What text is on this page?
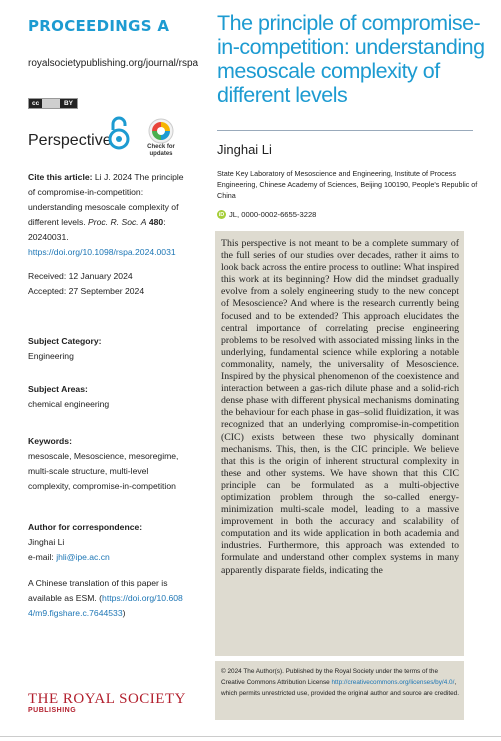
PROCEEDINGS A
royalsocietypublishing.org/journal/rspa
cc	BY
Perspective	Check for updates
Cite this article: Li J. 2024 The principle of compromise-in-competition: understanding mesoscale complexity of different levels. Proc. R. Soc. A 480: 20240031.
https://doi.org/10.1098/rspa.2024.0031
Received: 12 January 2024
Accepted: 27 September 2024
Subject Category:
Engineering
Subject Areas:
chemical engineering
Keywords:
mesoscale, Mesoscience, meso​regime, multi-scale structure, multi-level complexity, compromise-in-competition
Author for correspondence:
Jinghai Li
e-mail: jhli@ipe.ac.cn
A Chinese translation of this paper is available as ESM. (https://doi.org/10.6084/m9.figshare.c.7644533)
THE ROYAL SOCIETY
PUBLISHING
The principle of compromise-in-competition: understanding mesoscale complexity of different levels
Jinghai Li
State Key Laboratory of Mesoscience and Engineering, Institute of Process Engineering, Chinese Academy of Sciences, Beijing 100190, People's Republic of China
iD JL, 0000-0002-6655-3228
This perspective is not meant to be a complete summary of the full series of our studies over decades, rather it aims to look back across the entire process to outline: What inspired this work at its beginning? How did the mindset gradually evolve from a solely engineering study to the new concept of Mesoscience? And where is the research currently being focused and to be extended? This approach elucidates the central importance of correlating precise engineering problems to be resolved with associated missing links in the underlying, fundamental science while exploring a notable commonality, namely, the universality of Mesoscience. Inspired by the physical phenomenon of the coexistence and interaction between a gas-rich dilute phase and a solid-rich dense phase with different physical mechanisms dominating the behaviour for each phase in gas–solid fluidization, it was recognized that an underlying compromise-in-competition (CIC) exists between these two physically dominant mechanisms. This, then, is the CIC principle. We believe that this is the origin of inherent structural complexity in these and other systems. We have shown that this CIC principle can be formulated as a multi-objective optimization problem through the so-called energy-minimization multi-scale model, leading to a massive improvement in both the accuracy and scalability of computation and its wide application in both academia and industries. Furthermore, this approach was extended to formulate and understand other complex systems in many apparently disparate fields, indicating the
© 2024 The Author(s). Published by the Royal Society under the terms of the Creative Commons Attribution License http://creativecommons.org/licenses/by/4.0/, which permits unrestricted use, provided the original author and source are credited.
